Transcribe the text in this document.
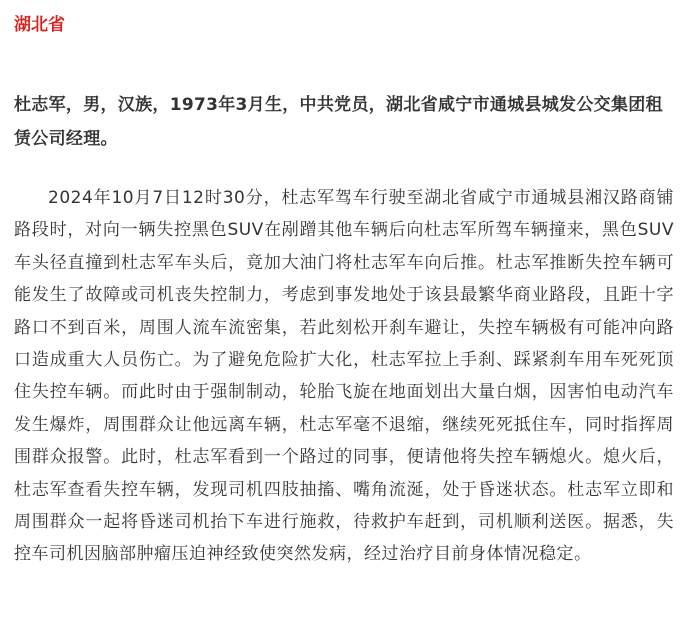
湖北省
杜志军，男，汉族，1973年3月生，中共党员，湖北省咸宁市通城县城发公交集团租赁公司经理。
2024年10月7日12时30分，杜志军驾车行驶至湖北省咸宁市通城县湘汉路商铺路段时，对向一辆失控黑色SUV在剐蹭其他车辆后向杜志军所驾车辆撞来，黑色SUV车头径直撞到杜志军车头后，竟加大油门将杜志军车向后推。杜志军推断失控车辆可能发生了故障或司机丧失控制力，考虑到事发地处于该县最繁华商业路段，且距十字路口不到百米，周围人流车流密集，若此刻松开刹车避让，失控车辆极有可能冲向路口造成重大人员伤亡。为了避免危险扩大化，杜志军拉上手刹、踩紧刹车用车死死顶住失控车辆。而此时由于强制制动，轮胎飞旋在地面划出大量白烟，因害怕电动汽车发生爆炸，周围群众让他远离车辆，杜志军毫不退缩，继续死死抵住车，同时指挥周围群众报警。此时，杜志军看到一个路过的同事，便请他将失控车辆熄火。熄火后，杜志军查看失控车辆，发现司机四肢抽搐、嘴角流涎，处于昏迷状态。杜志军立即和周围群众一起将昏迷司机抬下车进行施救，待救护车赶到，司机顺利送医。据悉，失控车司机因脑部肿瘤压迫神经致使突然发病，经过治疗目前身体情况稳定。
